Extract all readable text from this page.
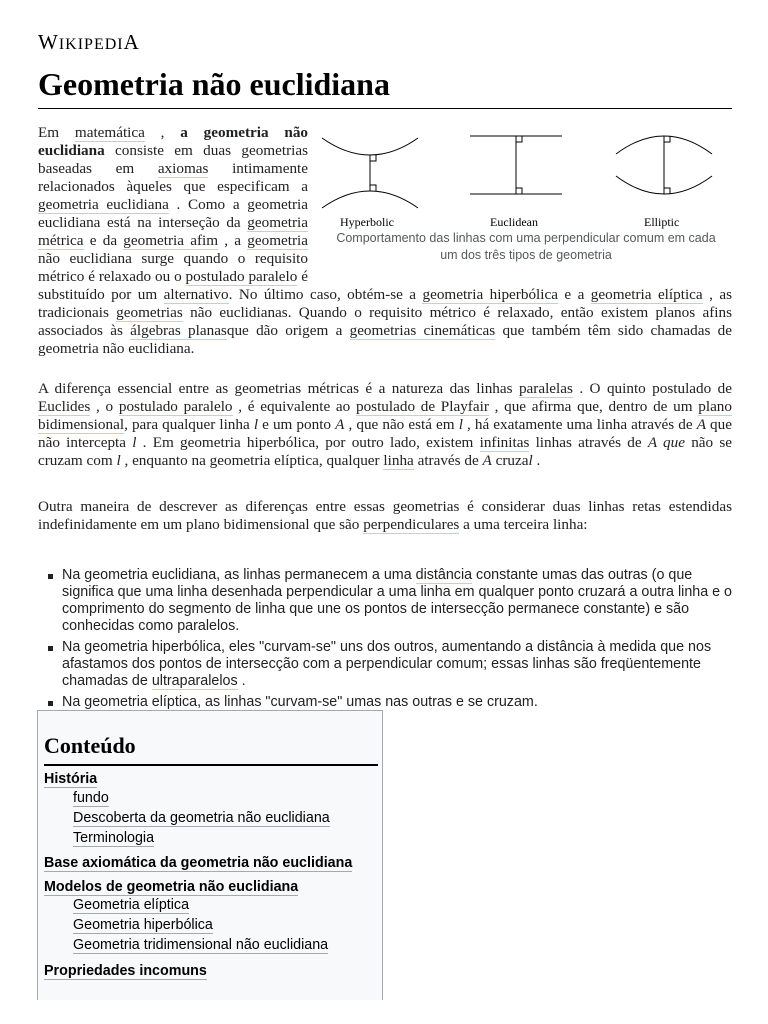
WIKIPEDIA
Geometria não euclidiana

Hyperbolic	Euclidean	Elliptic
Comportamento das linhas com uma perpendicular comum em cada um dos três tipos de geometria
Em matemática , a geometria não euclidiana consiste em duas geometrias baseadas em axiomas intimamente relacionados àqueles que especificam a geometria euclidiana . Como a geometria euclidiana está na interseção da geometria métrica e da geometria afim , a geometria não euclidiana surge quando o requisito métrico é relaxado ou o postulado paralelo é substituído por um alternativo. No último caso, obtém-se a geometria hiperbólica e a geometria elíptica , as tradicionais geometrias não euclidianas. Quando o requisito métrico é relaxado, então existem planos afins associados às álgebras planasque dão origem a geometrias cinemáticas que também têm sido chamadas de geometria não euclidiana.

A diferença essencial entre as geometrias métricas é a natureza das linhas paralelas . O quinto postulado de Euclides , o postulado paralelo , é equivalente ao postulado de Playfair , que afirma que, dentro de um plano bidimensional, para qualquer linha l e um ponto A , que não está em l , há exatamente uma linha através de A que não intercepta l . Em geometria hiperbólica, por outro lado, existem infinitas linhas através de A que não se cruzam com l , enquanto na geometria elíptica, qualquer linha através de A cruzal .

Outra maneira de descrever as diferenças entre essas geometrias é considerar duas linhas retas estendidas indefinidamente em um plano bidimensional que são perpendiculares a uma terceira linha:

Na geometria euclidiana, as linhas permanecem a uma distância constante umas das outras (o que significa que uma linha desenhada perpendicular a uma linha em qualquer ponto cruzará a outra linha e o comprimento do segmento de linha que une os pontos de intersecção permanece constante) e são conhecidas como paralelos.
Na geometria hiperbólica, eles "curvam-se" uns dos outros, aumentando a distância à medida que nos afastamos dos pontos de intersecção com a perpendicular comum; essas linhas são freqüentemente chamadas de ultraparalelos .
Na geometria elíptica, as linhas "curvam-se" umas nas outras e se cruzam.
Conteúdo
História
fundo
Descoberta da geometria não euclidiana
Terminologia
Base axiomática da geometria não euclidiana
Modelos de geometria não euclidiana
Geometria elíptica
Geometria hiperbólica
Geometria tridimensional não euclidiana
Propriedades incomuns
